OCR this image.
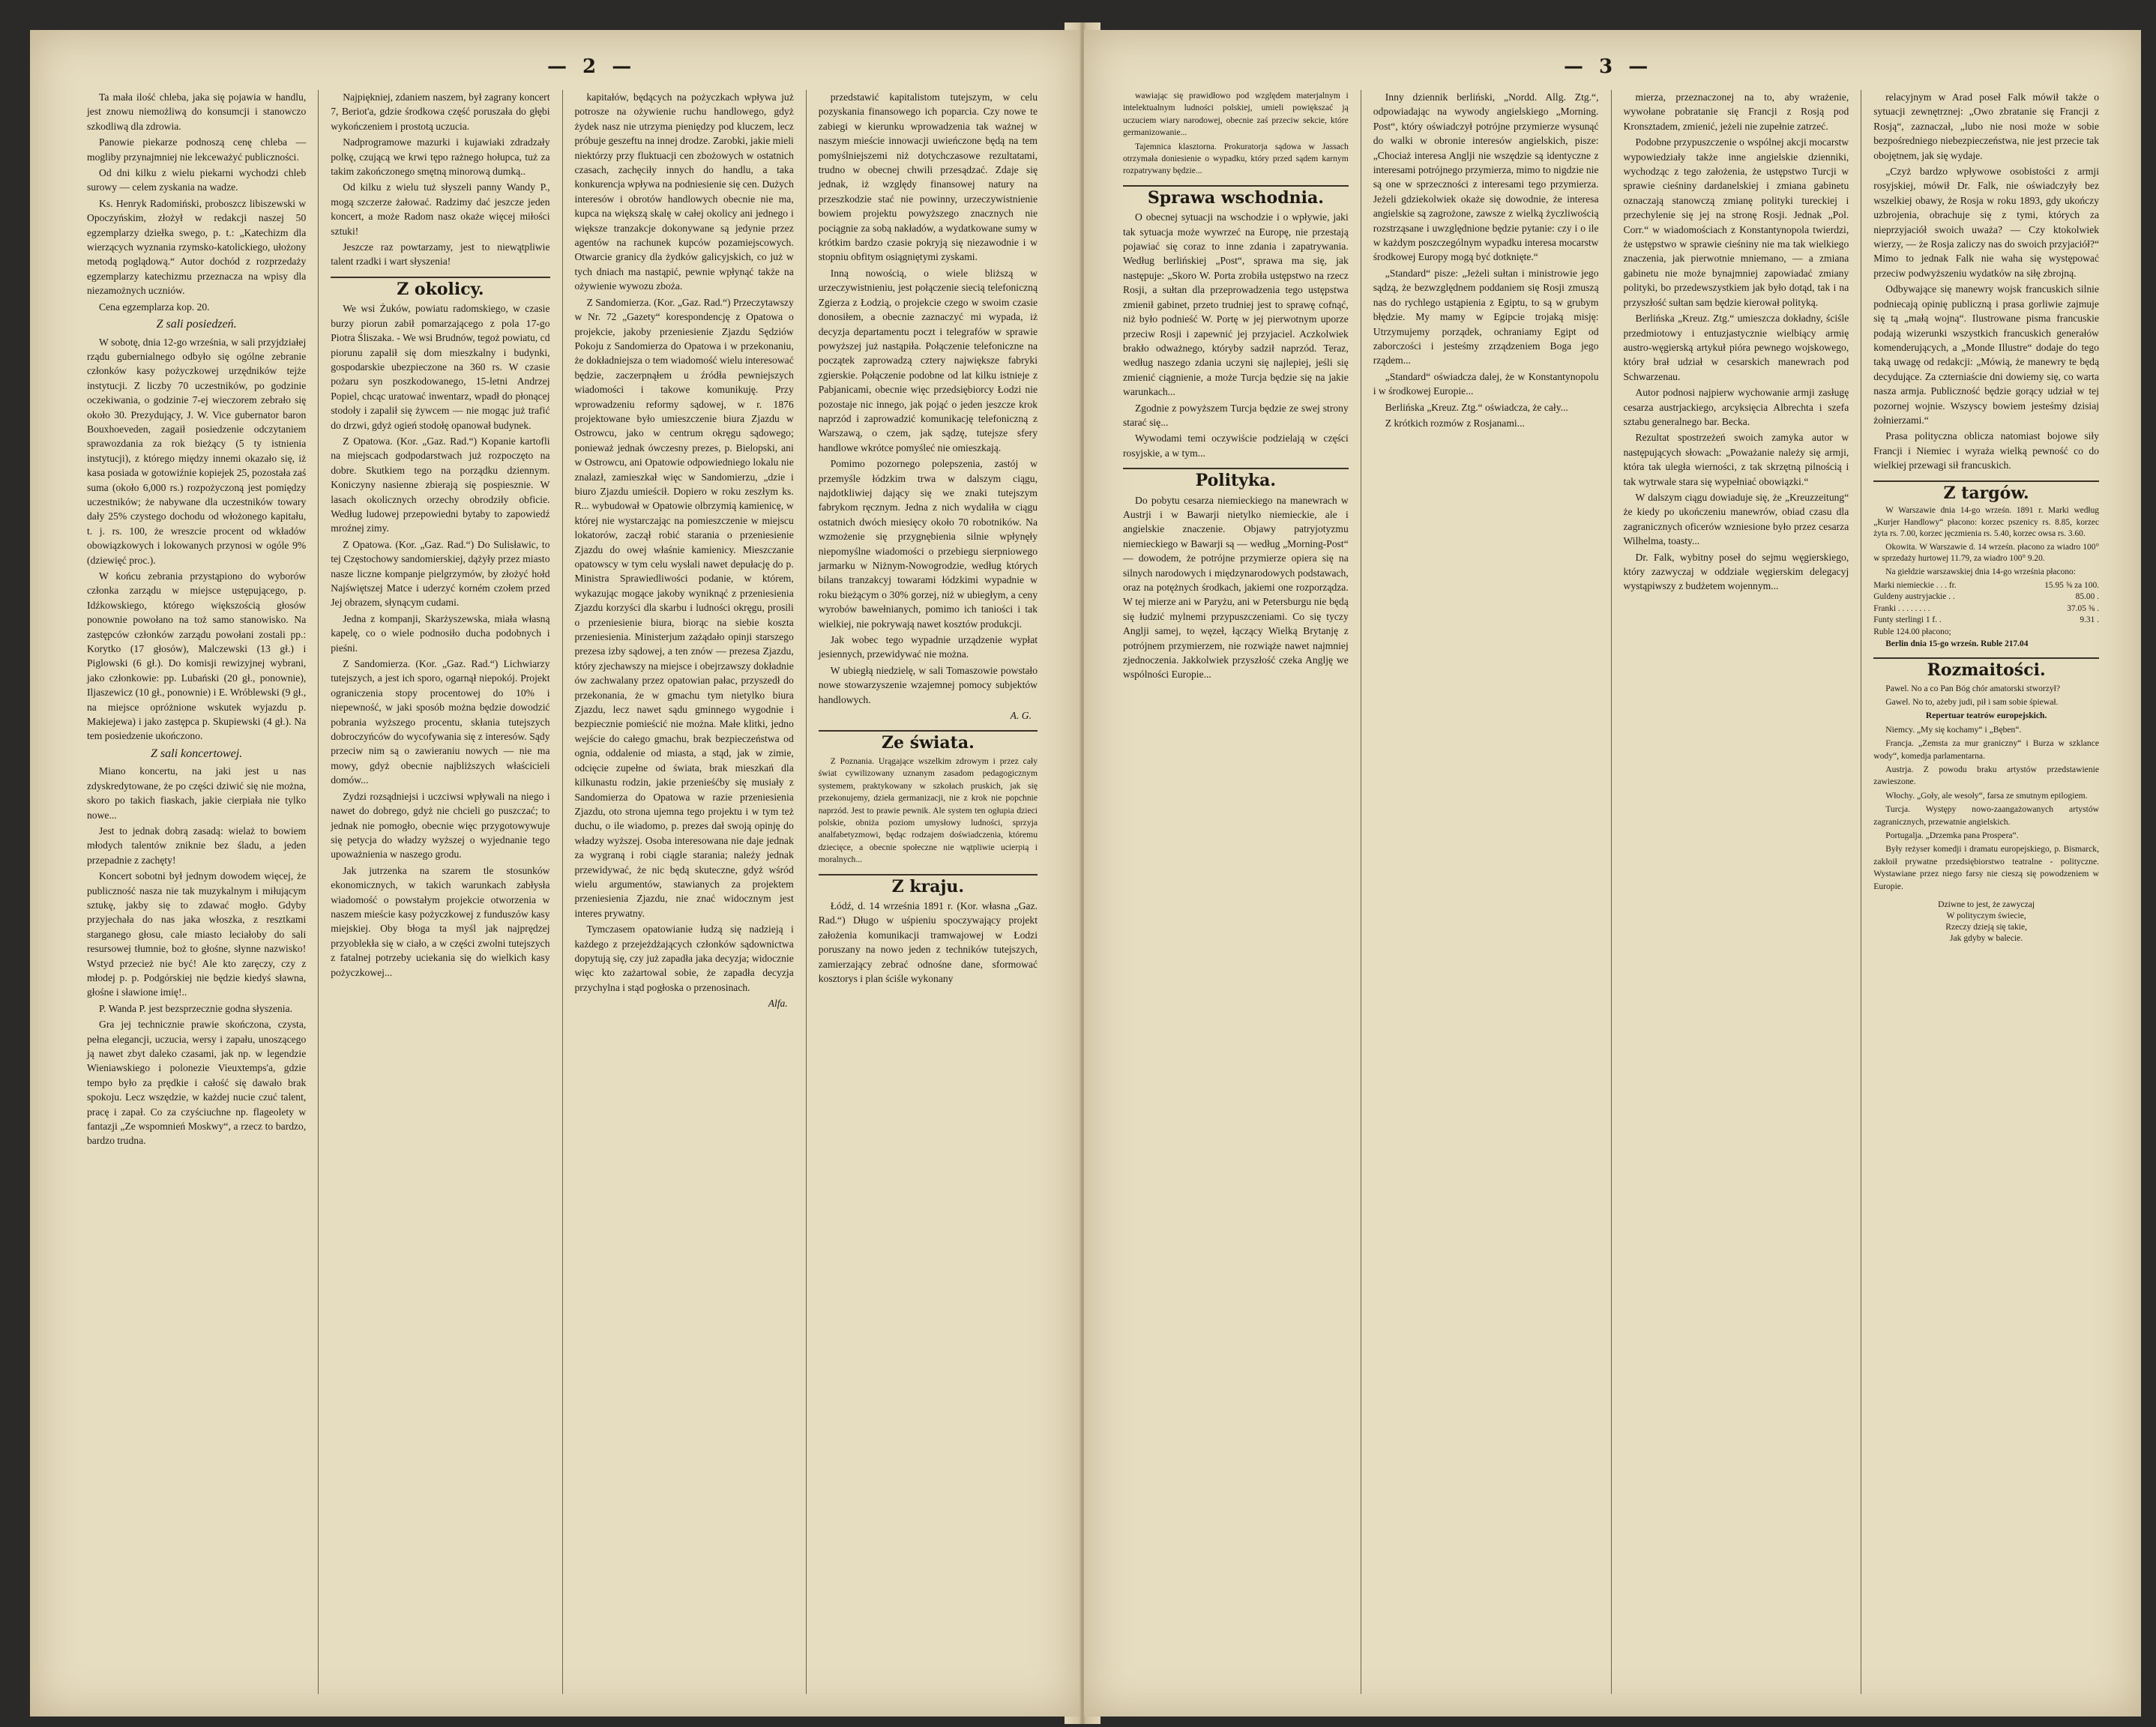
— 2 —

Ta mała ilość chleba, jaka się pojawia w handlu, jest znowu niemożliwą do konsumcji i stanowczo szkodliwą dla zdrowia.

Panowie piekarze podnoszą cenę chleba — mogliby przynajmniej nie lekceważyć publiczności.

Od dni kilku z wielu piekarni wychodzi chleb surowy — celem zyskania na wadze.

Ks. Henryk Radomiński, proboszcz libiszewski w Opoczyńskim, złożył w redakcji naszej 50 egzemplarzy dziełka swego, p. t.: „Katechizm dla wierzących wyznania rzymsko-katolickiego, ułożony metodą poglądową.“ Autor dochód z rozprzedaży egzemplarzy katechizmu przeznacza na wpisy dla niezamożnych uczniów.

Cena egzemplarza kop. 20.

Z sali posiedzeń.

W sobotę, dnia 12-go września, w sali przyjdziałej rządu gubernialnego odbyło się ogólne zebranie członków kasy pożyczkowej urzędników tejże instytucji. Z liczby 70 uczestników, po godzinie oczekiwania, o godzinie 7-ej wieczorem zebrało się około 30. Prezydujący, J. W. Vice gubernator baron Bouxhoeveden, zagaił posiedzenie odczytaniem sprawozdania za rok bieżący (5 ty istnienia instytucji), z którego między innemi okazało się, iż kasa posiada w gotowiźnie kopiejek 25, pozostała zaś suma (około 6,000 rs.) rozpożyczoną jest pomiędzy uczestników; że nabywane dla uczestników towary dały 25% czystego dochodu od włożonego kapitału, t. j. rs. 100, że wreszcie procent od wkładów obowiązkowych i lokowanych przynosi w ogóle 9% (dziewięć proc.).

W końcu zebrania przystąpiono do wyborów członka zarządu w miejsce ustępującego, p. Idźkowskiego, którego większością głosów ponownie powołano na toż samo stanowisko. Na zastępców członków zarządu powołani zostali pp.: Korytko (17 głosów), Malczewski (13 gł.) i Piglowski (6 gł.). Do komisji rewizyjnej wybrani, jako członkowie: pp. Lubański (20 gł., ponownie), Iljaszewicz (10 gł., ponownie) i E. Wróblewski (9 gł., na miejsce opróżnione wskutek wyjazdu p. Makiejewa) i jako zastępca p. Skupiewski (4 gł.). Na tem posiedzenie ukończono.

Z sali koncertowej.

Miano koncertu, na jaki jest u nas zdyskredytowane, że po części dziwić się nie można, skoro po takich fiaskach, jakie cierpiała nie tylko nowe...

Jest to jednak dobrą zasadą: wielaż to bowiem młodych talentów zniknie bez śladu, a jeden przepadnie z zachęty!

Koncert sobotni był jednym dowodem więcej, że publiczność nasza nie tak muzykalnym i miłującym sztukę, jakby się to zdawać mogło. Gdyby przyjechała do nas jaka włoszka, z resztkami starganego głosu, cale miasto leciałoby do sali resursowej tłumnie, boż to głośne, słynne nazwisko! Wstyd przecież nie być! Ale kto zaręczy, czy z młodej p. p. Podgórskiej nie będzie kiedyś sławna, głośne i sławione imię!..

P. Wanda P. jest bezsprzecznie godna słyszenia.

Gra jej technicznie prawie skończona, czysta, pełna elegancji, uczucia, wersy i zapału, unoszącego ją nawet zbyt daleko czasami, jak np. w legendzie Wieniawskiego i polonezie Vieuxtemps'a, gdzie tempo było za prędkie i całość się dawało brak spokoju. Lecz wszędzie, w każdej nucie czuć talent, pracę i zapał. Co za czyściuchne np. flageolety w fantazji „Ze wspomnień Moskwy“, a rzecz to bardzo, bardzo trudna.

Najpiękniej, zdaniem naszem, był zagrany koncert 7, Beriot'a, gdzie środkowa część poruszała do głębi wykończeniem i prostotą uczucia.

Nadprogramowe mazurki i kujawiaki zdradzały polkę, czującą we krwi tępo rażnego hołupca, tuż za takim zakończonego smętną minorową dumką..

Od kilku z wielu tuż słyszeli panny Wandy P., mogą szczerze żałować. Radzimy dać jeszcze jeden koncert, a może Radom nasz okaże więcej miłości sztuki!

Jeszcze raz powtarzamy, jest to niewątpliwie talent rzadki i wart słyszenia!

Z okolicy.

We wsi Żuków, powiatu radomskiego, w czasie burzy piorun zabił pomarzającego z pola 17-go Piotra Śliszaka. - We wsi Brudnów, tegoż powiatu, cd piorunu zapalił się dom mieszkalny i budynki, gospodarskie ubezpieczone na 360 rs. W czasie pożaru syn poszkodowanego, 15-letni Andrzej Popiel, chcąc uratować inwentarz, wpadł do płonącej stodoły i zapalił się żywcem — nie mogąc już trafić do drzwi, gdyż ogień stodołę opanował budynek.

Z Opatowa. (Kor. „Gaz. Rad.“) Kopanie kartofli na miejscach godpodarstwach już rozpoczęto na dobre. Skutkiem tego na porządku dziennym. Koniczyny nasienne zbierają się pospiesznie. W lasach okolicznych orzechy obrodziły obficie. Według ludowej przepowiedni bytaby to zapowiedź mroźnej zimy.

Z Opatowa. (Kor. „Gaz. Rad.“) Do Sulisławic, to tej Częstochowy sandomierskiej, dążyły przez miasto nasze liczne kompanje pielgrzymów, by złożyć hołd Najświętszej Matce i uderzyć korném czołem przed Jej obrazem, słynącym cudami.

Jedna z kompanji, Skarżyszewska, miała własną kapelę, co o wiele podnosiło ducha podobnych i pieśni.

Z Sandomierza. (Kor. „Gaz. Rad.“) Lichwiarzy tutejszych, a jest ich sporo, ogarnął niepokój. Projekt ograniczenia stopy procentowej do 10% i niepewność, w jaki sposób można będzie dowodzić pobrania wyższego procentu, skłania tutejszych dobroczyńców do wycofywania się z interesów. Sądy przeciw nim są o zawieraniu nowych — nie ma mowy, gdyż obecnie najbliższych właścicieli domów...

Zydzi rozsądniejsi i uczciwsi wpływali na niego i nawet do dobrego, gdyż nie chcieli go puszczać; to jednak nie pomogło, obecnie więc przygotowywuje się petycja do władzy wyższej o wyjednanie tego upoważnienia w naszego grodu.

Jak jutrzenka na szarem tle stosunków ekonomicznych, w takich warunkach zabłysła wiadomość o powstałym projekcie otworzenia w naszem mieście kasy pożyczkowej z funduszów kasy miejskiej. Oby błoga ta myśl jak najprędzej przyoblekła się w ciało, a w części zwolni tutejszych z fatalnej potrzeby uciekania się do wielkich kasy pożyczkowej...

kapitałów, będących na pożyczkach wpływa już potrosze na ożywienie ruchu handlowego, gdyż żydek nasz nie utrzyma pieniędzy pod kluczem, lecz próbuje geszeftu na innej drodze. Zarobki, jakie mieli niektórzy przy fluktuacji cen zbożowych w ostatnich czasach, zachęciły innych do handlu, a taka konkurencja wpływa na podniesienie się cen. Dużych interesów i obrotów handlowych obecnie nie ma, kupca na większą skalę w całej okolicy ani jednego i większe tranzakcje dokonywane są jedynie przez agentów na rachunek kupców pozamiejscowych. Otwarcie granicy dla żydków galicyjskich, co już w tych dniach ma nastąpić, pewnie wpłynąć także na ożywienie wywozu zboża.

Z Sandomierza. (Kor. „Gaz. Rad.“) Przeczytawszy w Nr. 72 „Gazety“ korespondencję z Opatowa o projekcie, jakoby przeniesienie Zjazdu Sędziów Pokoju z Sandomierza do Opatowa i w przekonaniu, że dokładniejsza o tem wiadomość wielu interesować będzie, zaczerpnąłem u źródła pewniejszych wiadomości i takowe komunikuję. Przy wprowadzeniu reformy sądowej, w r. 1876 projektowane było umieszczenie biura Zjazdu w Ostrowcu, jako w centrum okręgu sądowego; ponieważ jednak ówczesny prezes, p. Bielopski, ani w Ostrowcu, ani Opatowie odpowiedniego lokalu nie znalazł, zamieszkał więc w Sandomierzu, „dzie i biuro Zjazdu umieścił. Dopiero w roku zeszłym ks. R... wybudował w Opatowie olbrzymią kamienicę, w której nie wystarczając na pomieszczenie w miejscu lokatorów, zaczął robić starania o przeniesienie Zjazdu do owej właśnie kamienicy. Mieszczanie opatowscy w tym celu wysłali nawet depułację do p. Ministra Sprawiedliwości podanie, w którem, wykazując mogące jakoby wyniknąć z przeniesienia Zjazdu korzyści dla skarbu i ludności okręgu, prosili o przeniesienie biura, biorąc na siebie koszta przeniesienia. Ministerjum zażądało opinji starszego prezesa izby sądowej, a ten znów — prezesa Zjazdu, który zjechawszy na miejsce i obejrzawszy dokładnie ów zachwalany przez opatowian pałac, przyszedł do przekonania, że w gmachu tym nietylko biura Zjazdu, lecz nawet sądu gminnego wygodnie i bezpiecznie pomieścić nie można. Małe klitki, jedno wejście do całego gmachu, brak bezpieczeństwa od ognia, oddalenie od miasta, a stąd, jak w zimie, odcięcie zupełne od świata, brak mieszkań dla kilkunastu rodzin, jakie przenieśćby się musiały z Sandomierza do Opatowa w razie przeniesienia Zjazdu, oto strona ujemna tego projektu i w tym też duchu, o ile wiadomo, p. prezes dał swoją opinję do władzy wyższej. Osoba interesowana nie daje jednak za wygraną i robi ciągle starania; należy jednak przewidywać, że nic będą skuteczne, gdyż wśród wielu argumentów, stawianych za projektem przeniesienia Zjazdu, nie znać widocznym jest interes prywatny.

Tymczasem opatowianie łudzą się nadzieją i każdego z przejeżdżających członków sądownictwa dopytują się, czy już zapadła jaka decyzja; widocznie więc kto zażartowal sobie, że zapadła decyzja przychylna i stąd pogłoska o przenosinach.

Alfa.

przedstawić kapitalistom tutejszym, w celu pozyskania finansowego ich poparcia. Czy nowe te zabiegi w kierunku wprowadzenia tak ważnej w naszym mieście innowacji uwieńczone będą na tem pomyślniejszemi niż dotychczasowe rezultatami, trudno w obecnej chwili przesądzać. Zdaje się jednak, iż względy finansowej natury na przeszkodzie stać nie powinny, urzeczywistnienie bowiem projektu powyższego znacznych nie pociągnie za sobą nakładów, a wydatkowane sumy w krótkim bardzo czasie pokryją się niezawodnie i w stopniu obfitym osiągniętymi zyskami.

Inną nowością, o wiele bliższą w urzeczywistnieniu, jest połączenie siecią telefoniczną Zgierza z Łodzią, o projekcie czego w swoim czasie donosiłem, a obecnie zaznaczyć mi wypada, iż decyzja departamentu poczt i telegrafów w sprawie powyższej już nastąpiła. Połączenie telefoniczne na początek zaprowadzą cztery największe fabryki zgierskie. Połączenie podobne od lat kilku istnieje z Pabjanicami, obecnie więc przedsiębiorcy Łodzi nie pozostaje nic innego, jak pojąć o jeden jeszcze krok naprzód i zaprowadzić komunikację telefoniczną z Warszawą, o czem, jak sądzę, tutejsze sfery handlowe wkrótce pomyśleć nie omieszkają.

Pomimo pozornego polepszenia, zastój w przemyśle łódzkim trwa w dalszym ciągu, najdotkliwiej dający się we znaki tutejszym fabrykom ręcznym. Jedna z nich wydaliła w ciągu ostatnich dwóch miesięcy około 70 robotników. Na wzmożenie się przygnębienia silnie wpłynęły niepomyślne wiadomości o przebiegu sierpniowego jarmarku w Niżnym-Nowogrodzie, według których bilans tranzakcyj towarami łódzkimi wypadnie w roku bieżącym o 30% gorzej, niż w ubiegłym, a ceny wyrobów bawełnianych, pomimo ich taniości i tak wielkiej, nie pokrywają nawet kosztów produkcji.

Jak wobec tego wypadnie urządzenie wypłat jesiennych, przewidywać nie można.

W ubiegłą niedzielę, w sali Tomaszowie powstało nowe stowarzyszenie wzajemnej pomocy subjektów handlowych.

A. G.
Ze świata.

Z Poznania. Urągające wszelkim zdrowym i przez cały świat cywilizowany uznanym zasadom pedagogicznym systemem, praktykowany w szkołach pruskich, jak się przekonujemy, dzieła germanizacji, nie z krok nie popchnie naprzód. Jest to prawie pewnik. Ale system ten ogłupia dzieci polskie, obniża poziom umysłowy ludności, sprzyja analfabetyzmowi, będąc rodzajem doświadczenia, któremu dziecięce, a obecnie społeczne nie wątpliwie ucierpią i moralnych...

Z kraju.

Łódź, d. 14 września 1891 r. (Kor. własna „Gaz. Rad.“) Długo w uśpieniu spoczywający projekt założenia komunikacji tramwajowej w Łodzi poruszany na nowo jeden z techników tutejszych, zamierzający zebrać odnośne dane, sformować kosztorys i plan ściśle wykonany

— 3 —

wawiając się prawidłowo pod względem materjalnym i intelektualnym ludności polskiej, umieli powiększać ją uczuciem wiary narodowej, obecnie zaś przeciw sekcie, które germanizowanie...

Tajemnica klasztorna. Prokuratorja sądowa w Jassach otrzymała doniesienie o wypadku, który przed sądem karnym rozpatrywany będzie...

Sprawa wschodnia.

O obecnej sytuacji na wschodzie i o wpływie, jaki tak sytuacja może wywrzeć na Europę, nie przestają pojawiać się coraz to inne zdania i zapatrywania. Według berlińskiej „Post“, sprawa ma się, jak następuje: „Skoro W. Porta zrobiła ustępstwo na rzecz Rosji, a sułtan dla przeprowadzenia tego ustępstwa zmienił gabinet, przeto trudniej jest to sprawę cofnąć, niż było podnieść W. Portę w jej pierwotnym uporze przeciw Rosji i zapewnić jej przyjaciel. Aczkolwiek brakło odważnego, któryby sadził naprzód. Teraz, według naszego zdania uczyni się najlepiej, jeśli się zmienić ciągnienie, a może Turcja będzie się na jakie warunkach...

Zgodnie z powyższem Turcja będzie ze swej strony starać się...

Wywodami temi oczywiście podzielają w części rosyjskie, a w tym...

Polityka.

Do pobytu cesarza niemieckiego na manewrach w Austrji i w Bawarji nietylko niemieckie, ale i angielskie znaczenie. Objawy patryjotyzmu niemieckiego w Bawarji są — według „Morning-Post“ — dowodem, że potrójne przymierze opiera się na silnych narodowych i międzynarodowych podstawach, oraz na potężnych środkach, jakiemi one rozporządza. W tej mierze ani w Paryżu, ani w Petersburgu nie będą się łudzić mylnemi przypuszczeniami. Co się tyczy Anglji samej, to węzeł, łączący Wielką Brytanję z potrójnem przymierzem, nie rozwiąże nawet najmniej zjednoczenia. Jakkolwiek przyszłość czeka Anglję we wspólności Europie...

Inny dziennik berliński, „Nordd. Allg. Ztg.“, odpowiadając na wywody angielskiego „Morning. Post“, który oświadczył potrójne przymierze wysunąć do walki w obronie interesów angielskich, pisze: „Chociaż interesa Anglji nie wszędzie są identyczne z interesami potrójnego przymierza, mimo to nigdzie nie są one w sprzeczności z interesami tego przymierza. Jeżeli gdziekolwiek okaże się dowodnie, że interesa angielskie są zagrożone, zawsze z wielką życzliwością rozstrząsane i uwzględnione będzie pytanie: czy i o ile w każdym poszczególnym wypadku interesa mocarstw środkowej Europy mogą być dotknięte.“

„Standard“ pisze: „Jeżeli sułtan i ministrowie jego sądzą, że bezwzględnem poddaniem się Rosji zmuszą nas do rychlego ustąpienia z Egiptu, to są w grubym błędzie. My mamy w Egipcie trojaką misję: Utrzymujemy porządek, ochraniamy Egipt od zaborczości i jesteśmy zrządzeniem Boga jego rządem...

„Standard“ oświadcza dalej, że w Konstantynopolu i w środkowej Europie...

Berlińska „Kreuz. Ztg.“ oświadcza, że cały...

Z krótkich rozmów z Rosjanami...

mierza, przeznaczonej na to, aby wrażenie, wywołane pobratanie się Francji z Rosją pod Kronsztadem, zmienić, jeżeli nie zupełnie zatrzeć.

Podobne przypuszczenie o wspólnej akcji mocarstw wypowiedziały także inne angielskie dzienniki, wychodząc z tego założenia, że ustępstwo Turcji w sprawie cieśniny dardanelskiej i zmiana gabinetu oznaczają stanowczą zmianę polityki tureckiej i przechylenie się jej na stronę Rosji. Jednak „Pol. Corr.“ w wiadomościach z Konstantynopola twierdzi, że ustępstwo w sprawie cieśniny nie ma tak wielkiego znaczenia, jak pierwotnie mniemano, — a zmiana gabinetu nie może bynajmniej zapowiadać zmiany polityki, bo przedewszystkiem jak było dotąd, tak i na przyszłość sułtan sam będzie kierował polityką.

Berlińska „Kreuz. Ztg.“ umieszcza dokładny, ściśle przedmiotowy i entuzjastycznie wielbiący armię austro-węgierską artykuł pióra pewnego wojskowego, który brał udział w cesarskich manewrach pod Schwarzenau.

Autor podnosi najpierw wychowanie armji zasługę cesarza austrjackiego, arcyksięcia Albrechta i szefa sztabu generalnego bar. Becka.

Rezultat spostrzeżeń swoich zamyka autor w następujących słowach: „Poważanie należy się armji, która tak uległa wierności, z tak skrzętną pilnością i tak wytrwale stara się wypełniać obowiązki.“

W dalszym ciągu dowiaduje się, że „Kreuzzeitung“ że kiedy po ukończeniu manewrów, obiad czasu dla zagranicznych oficerów wzniesione było przez cesarza Wilhelma, toasty...

Dr. Falk, wybitny poseł do sejmu węgierskiego, który zazwyczaj w oddziale węgierskim delegacyj wystąpiwszy z budżetem wojennym...

relacyjnym w Arad poseł Falk mówił także o sytuacji zewnętrznej: „Owo zbratanie się Francji z Rosją“, zaznaczał, „lubo nie nosi może w sobie bezpośredniego niebezpieczeństwa, nie jest przecie tak obojętnem, jak się wydaje.

„Czyż bardzo wpływowe osobistości z armji rosyjskiej, mówił Dr. Falk, nie oświadczyły bez wszelkiej obawy, że Rosja w roku 1893, gdy ukończy uzbrojenia, obrachuje się z tymi, których za nieprzyjaciół swoich uważa? — Czy ktokolwiek wierzy, — że Rosja zaliczy nas do swoich przyjaciół?“ Mimo to jednak Falk nie waha się występować przeciw podwyższeniu wydatków na siłę zbrojną.

Odbywające się manewry wojsk francuskich silnie podniecają opinię publiczną i prasa gorliwie zajmuje się tą „małą wojną“. Ilustrowane pisma francuskie podają wizerunki wszystkich francuskich generałów komenderujących, a „Monde Illustre“ dodaje do tego taką uwagę od redakcji: „Mówią, że manewry te będą decydujące. Za czterniaście dni dowiemy się, co warta nasza armja. Publiczność będzie gorący udział w tej pozornej wojnie. Wszyscy bowiem jesteśmy dzisiaj żołnierzami.“

Prasa polityczna oblicza natomiast bojowe siły Francji i Niemiec i wyraża wielką pewność co do wielkiej przewagi sił francuskich.

Z targów.

W Warszawie dnia 14-go wrześn. 1891 r. Marki według „Kurjer Handlowy“ płacono: korzec pszenicy rs. 8.85, korzec żyta rs. 7.00, korzec jęczmienia rs. 5.40, korzec owsa rs. 3.60.

Okowita. W Warszawie d. 14 wrześn. płacono za wiadro 100° w sprzedaży hurtowej 11.79, za wiadro 100° 9.20.

Na giełdzie warszawskiej dnia 14-go września płacono:

Marki niemieckie . . . fr.	15.95 ⅝ za 100.
Guldeny austryjackie . .	85.00 .
Franki . . . . . . . .	37.05 ⅝ .
Funty sterlingi 1 f. .	9.31 .
Ruble 124.00 płacono;

Berlin dnia 15-go wrześn. Ruble 217.04

Rozmaitości.

Pawel. No a co Pan Bóg chór amatorski stworzył?

Gawel. No to, ażeby judi, pił i sam sobie śpiewał.

Repertuar teatrów europejskich.

Niemcy. „My się kochamy“ i „Bęben“.

Francja. „Zemsta za mur graniczny“ i Burza w szklance wody“, komedja parlamentarna.

Austrja. Z powodu braku artystów przedstawienie zawieszone.

Włochy. „Goły, ale wesoły“, farsa ze smutnym epilogiem.

Turcja. Występy nowo-zaangażowanych artystów zagranicznych, przewatnie angielskich.

Portugalja. „Drzemka pana Prospera“.

Były reżyser komedji i dramatu europejskiego, p. Bismarck, zakłoił prywatne przedsiębiorstwo teatralne - polityczne. Wystawiane przez niego farsy nie cieszą się powodzeniem w Europie.

Dziwne to jest, że zawyczaj
W polityczym świecie,
Rzeczy dzieją się takie,
Jak gdyby w balecie.
